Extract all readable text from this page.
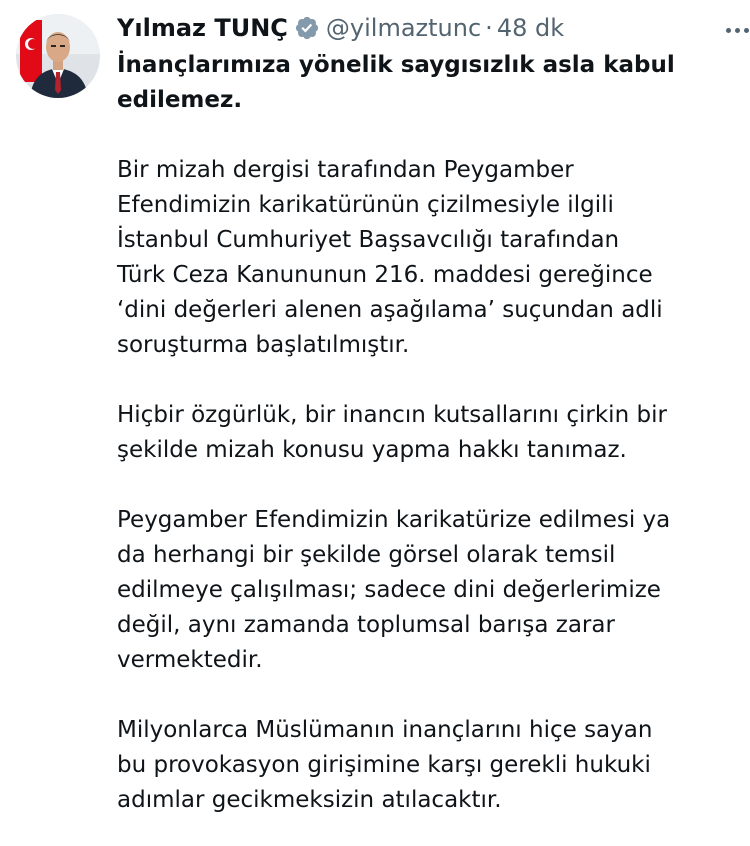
Yılmaz TUNÇ @yilmaztunc · 48 dk

İnançlarımıza yönelik saygısızlık asla kabul

edilemez.

Bir mizah dergisi tarafından Peygamber

Efendimizin karikatürünün çizilmesiyle ilgili

İstanbul Cumhuriyet Başsavcılığı tarafından

Türk Ceza Kanununun 216. maddesi gereğince

‘dini değerleri alenen aşağılama’ suçundan adli

soruşturma başlatılmıştır.

Hiçbir özgürlük, bir inancın kutsallarını çirkin bir

şekilde mizah konusu yapma hakkı tanımaz.

Peygamber Efendimizin karikatürize edilmesi ya

da herhangi bir şekilde görsel olarak temsil

edilmeye çalışılması; sadece dini değerlerimize

değil, aynı zamanda toplumsal barışa zarar

vermektedir.

Milyonlarca Müslümanın inançlarını hiçe sayan

bu provokasyon girişimine karşı gerekli hukuki

adımlar gecikmeksizin atılacaktır.
